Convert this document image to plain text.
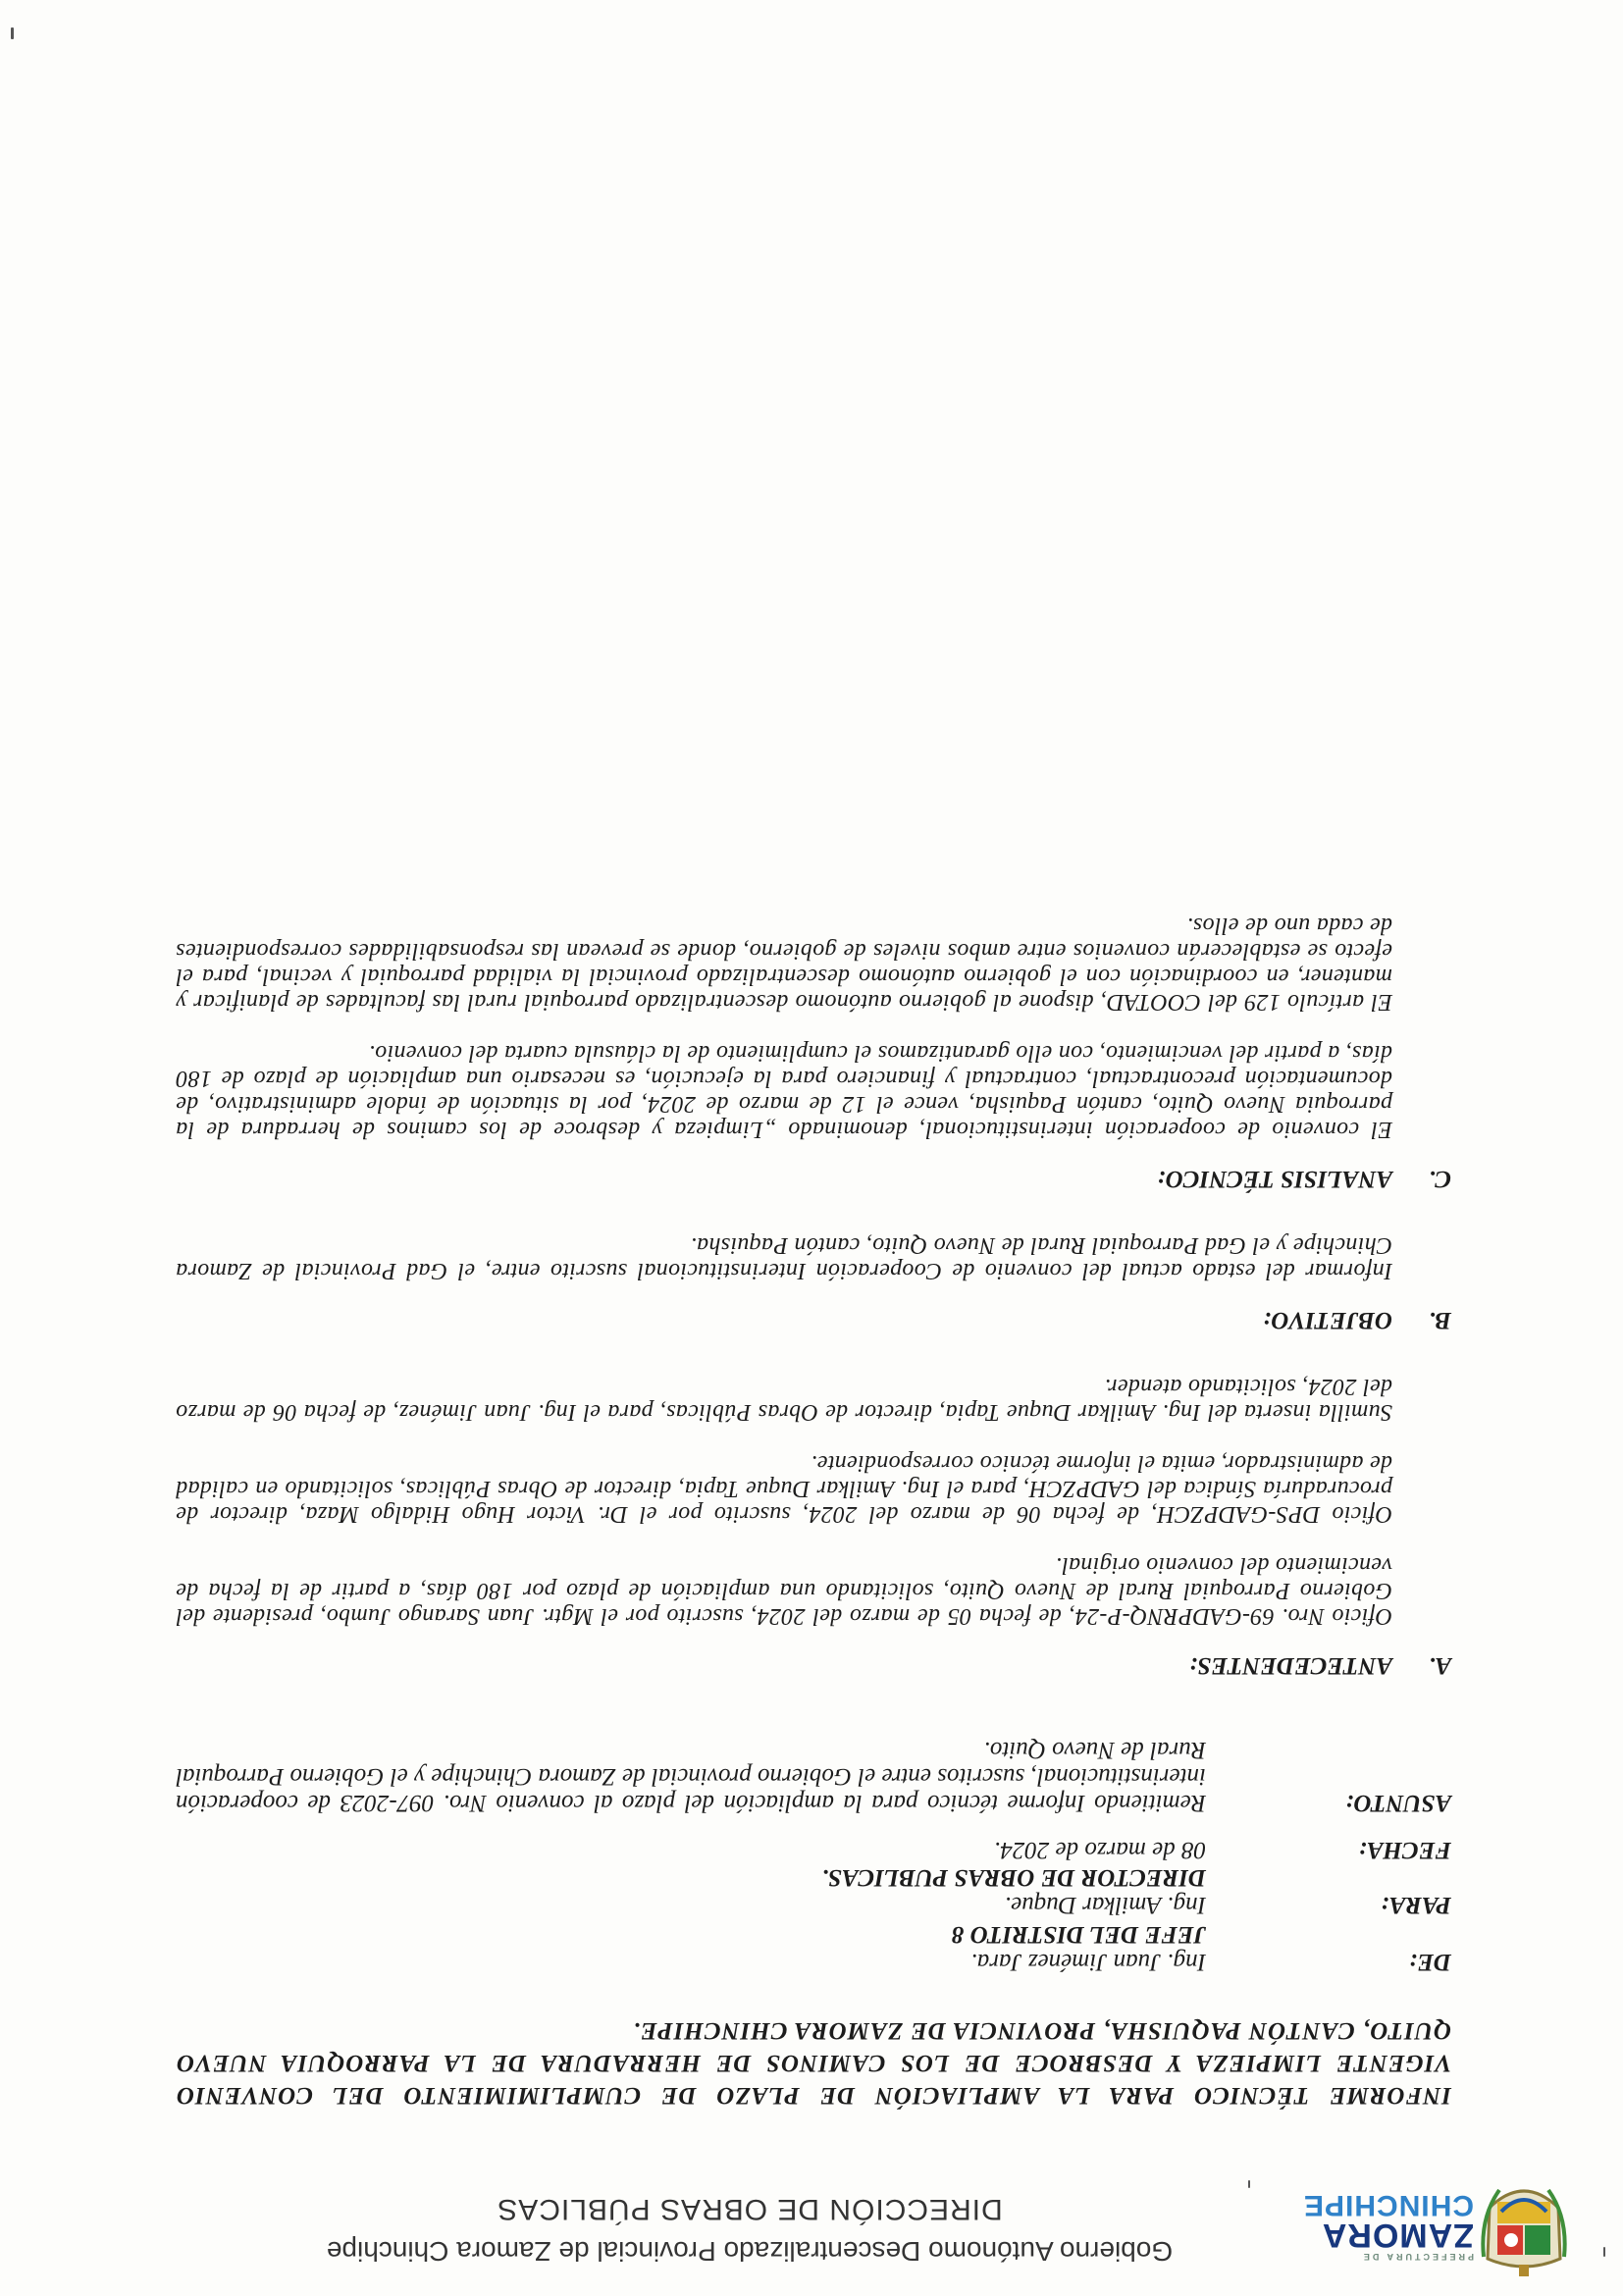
PREFECTURA DE
ZAMORA
CHINCHIPE
Gobierno Autónomo Descentralizado Provincial de Zamora Chinchipe
DIRECCIÓN DE OBRAS PÚBLICAS
INFORME TÉCNICO PARA LA AMPLIACIÓN DE PLAZO DE CUMPLIMIMIENTO DEL CONVENIO VIGENTE LIMPIEZA Y DESBROCE DE LOS CAMINOS DE HERRADURA DE LA PARROQUIA NUEVO QUITO, CANTÓN PAQUISHA, PROVINCIA DE ZAMORA CHINCHIPE.
DE:
Ing. Juan Jiménez Jara.
JEFE DEL DISTRITO 8
PARA:
Ing. Amilkar Duque.
DIRECTOR DE OBRAS PUBLICAS.
FECHA:
08 de marzo de 2024.
ASUNTO:
Remitiendo Informe técnico para la ampliación del plazo al convenio Nro. 097-2023 de cooperación interinstitucional, suscritos entre el Gobierno provincial de Zamora Chinchipe y el Gobierno Parroquial Rural de Nuevo Quito.
A.
ANTECEDENTES:
Oficio Nro. 69-GADPRNQ-P-24, de fecha 05 de marzo del 2024, suscrito por el Mgtr. Juan Sarango Jumbo, presidente del Gobierno Parroquial Rural de Nuevo Quito, solicitando una ampliación de plazo por 180 días, a partir de la fecha de vencimiento del convenio original.
Oficio DPS-GADPZCH, de fecha 06 de marzo del 2024, suscrito por el Dr. Victor Hugo Hidalgo Maza, director de procuraduría Síndica del GADPZCH, para el Ing. Amilkar Duque Tapia, director de Obras Públicas, solicitando en calidad de administrador, emita el informe técnico correspondiente.
Sumilla inserta del Ing. Amilkar Duque Tapia, director de Obras Públicas, para el Ing. Juan Jiménez, de fecha 06 de marzo del 2024, solicitando atender.
B.
OBJETIVO:
Informar del estado actual del convenio de Cooperación Interinstitucional suscrito entre, el Gad Provincial de Zamora Chinchipe y el Gad Parroquial Rural de Nuevo Quito, cantón Paquisha.
C.
ANALISIS TÉCNICO:
El convenio de cooperación interinstitucional, denominado „Limpieza y desbroce de los caminos de herradura de la parroquia Nuevo Quito, cantón Paquisha, vence el 12 de marzo de 2024, por la situación de índole administrativo, de documentación precontractual, contractual y financiero para la ejecución, es necesario una ampliación de plazo de 180 días, a partir del vencimiento, con ello garantizamos el cumplimiento de la cláusula cuarta del convenio.
El artículo 129 del COOTAD, dispone al gobierno autónomo descentralizado parroquial rural las facultades de planificar y mantener, en coordinación con el gobierno autónomo descentralizado provincial la vialidad parroquial y vecinal, para el efecto se establecerán convenios entre ambos niveles de gobierno, donde se prevean las responsabilidades correspondientes de cada uno de ellos.
